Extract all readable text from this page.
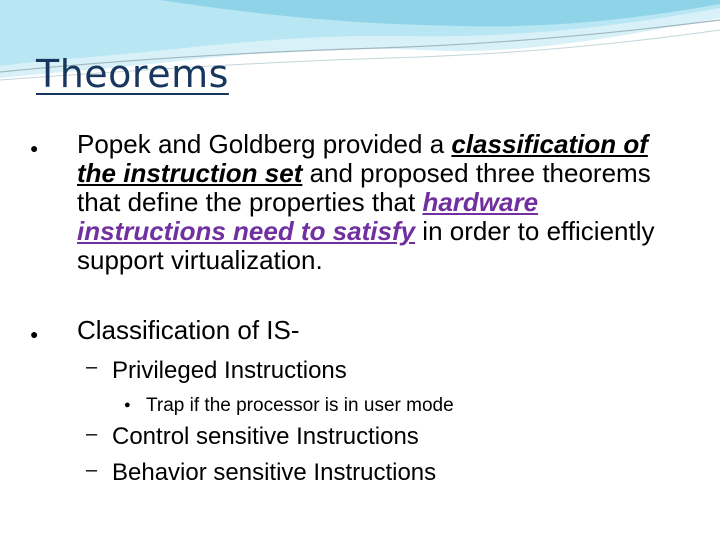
Theorems
● Popek and Goldberg provided a classification of the instruction set and proposed three theorems that define the properties that hardware instructions need to satisfy in order to efficiently support virtualization.
● Classification of IS-
– Privileged Instructions
● Trap if the processor is in user mode
– Control sensitive Instructions
– Behavior sensitive Instructions
